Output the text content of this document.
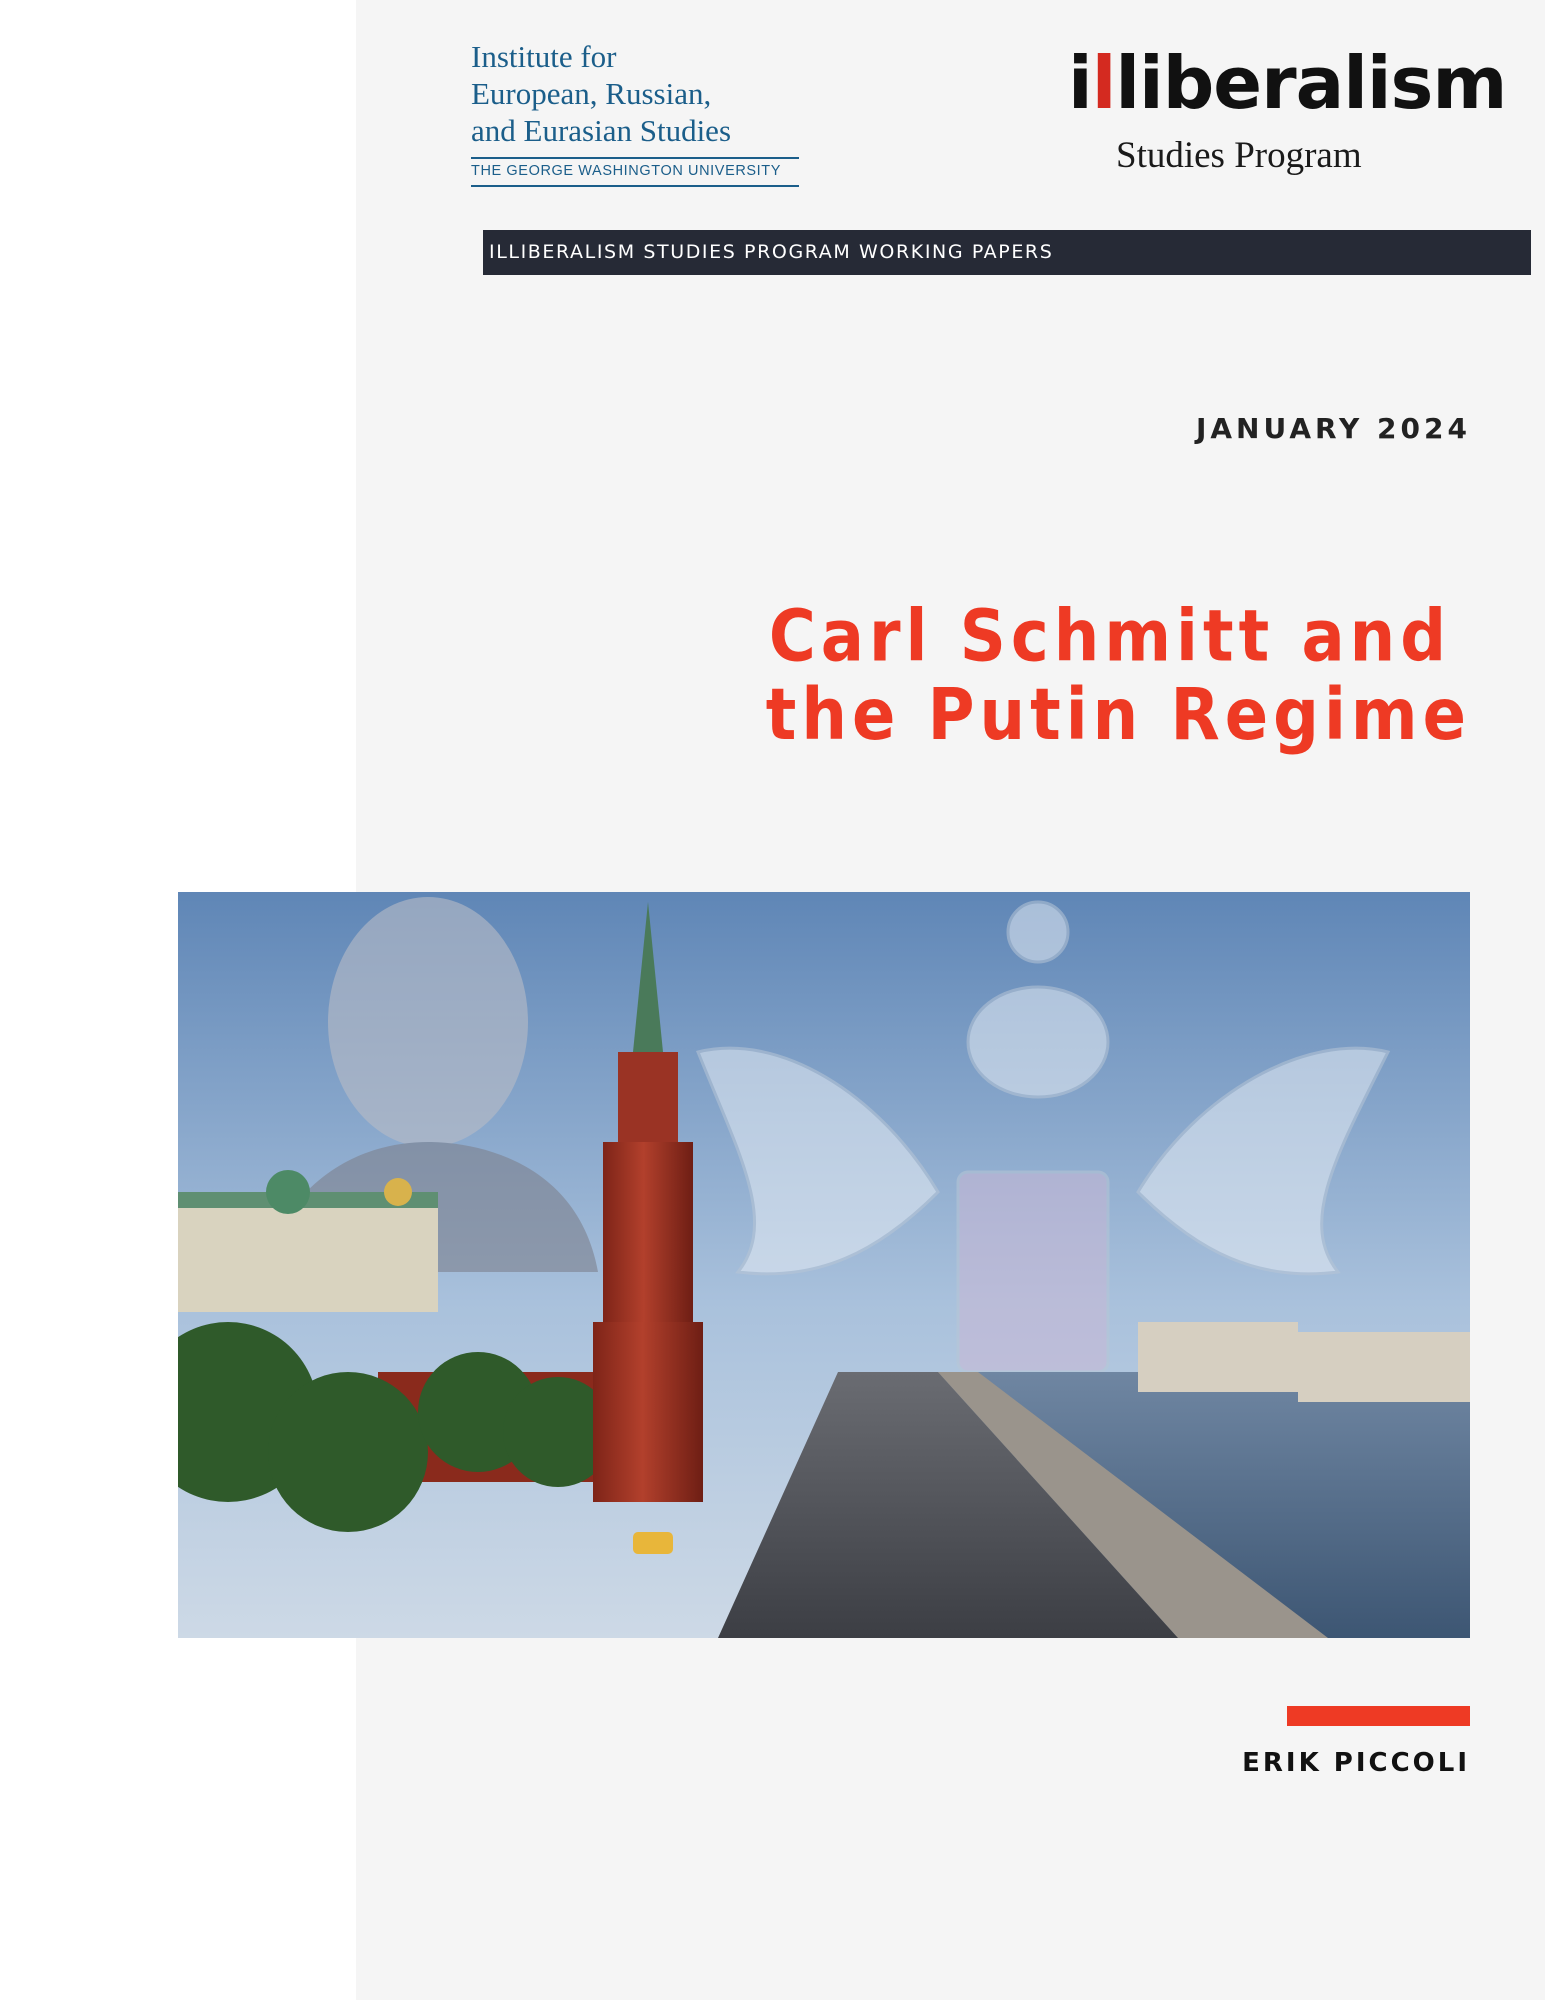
Institute for
European, Russian,
and Eurasian Studies
THE GEORGE WASHINGTON UNIVERSITY
illiberalism
Studies Program
ILLIBERALISM STUDIES PROGRAM WORKING PAPERS
JANUARY 2024
Carl Schmitt and
the Putin Regime
ERIK PICCOLI
